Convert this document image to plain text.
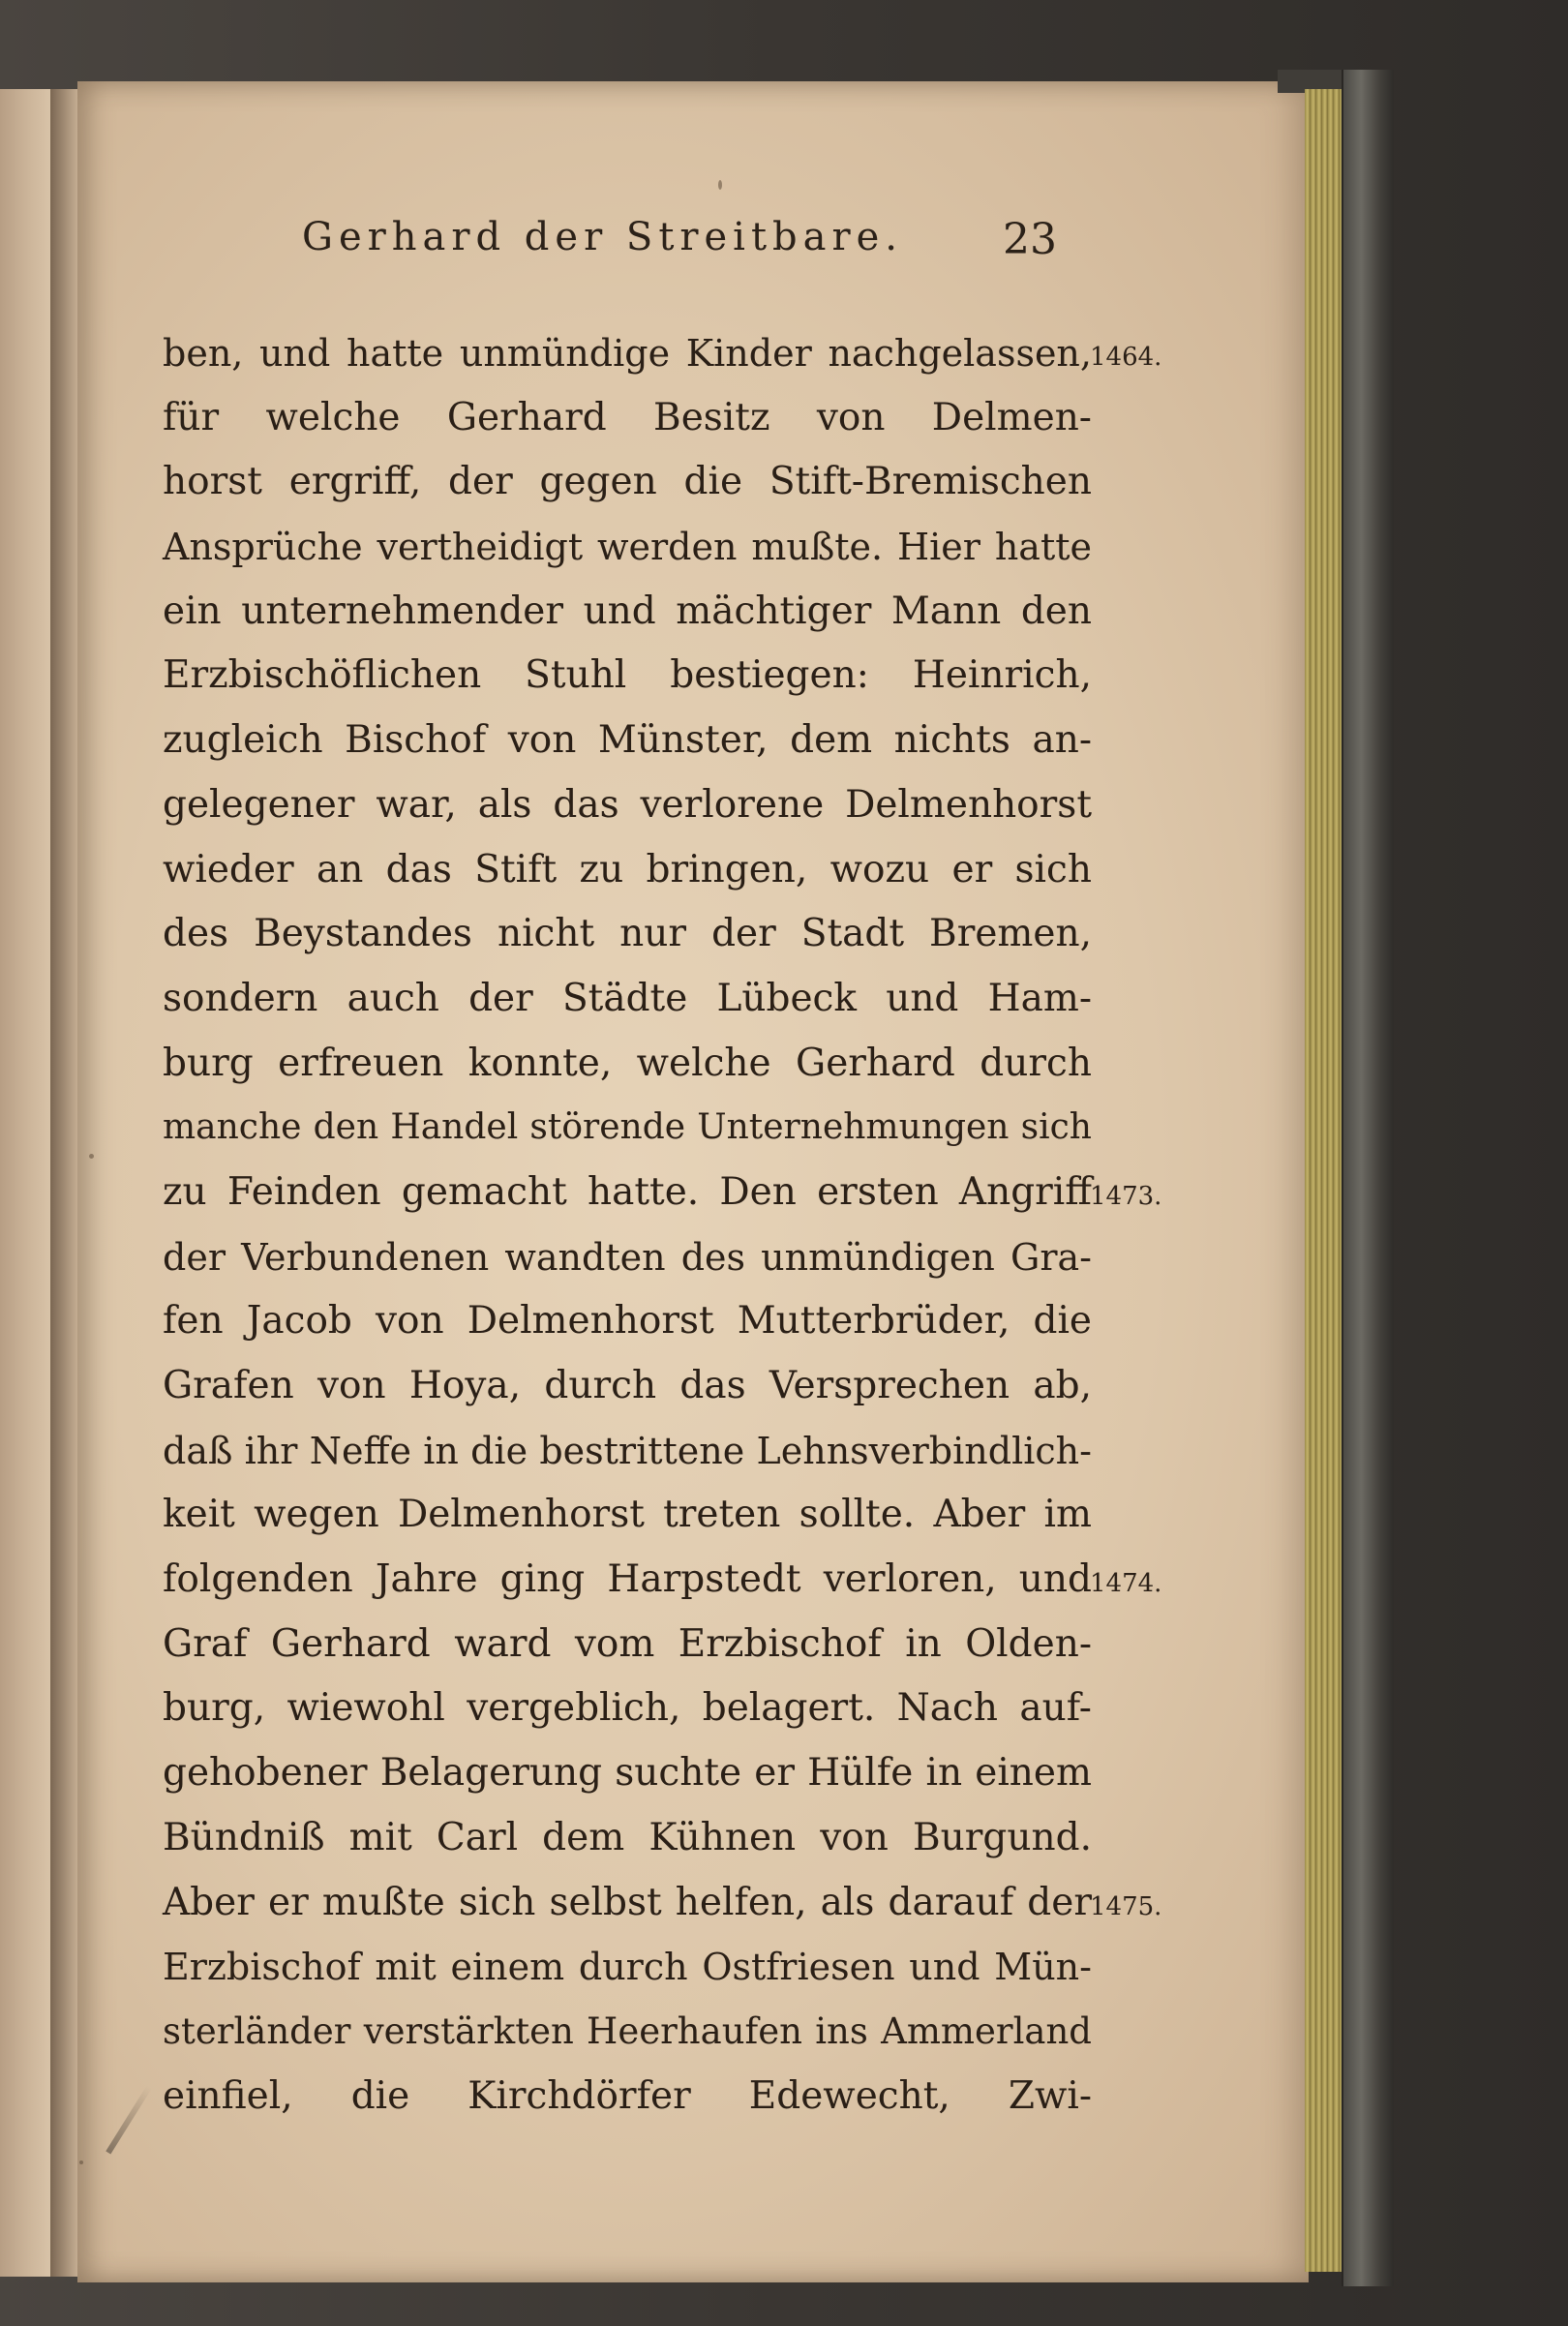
Gerhard der Streitbare.	23
ben, und hatte unmündige Kinder nachgelassen,
für welche Gerhard Besitz von Delmen-
horst ergriff, der gegen die Stift-Bremischen
Ansprüche vertheidigt werden mußte. Hier hatte
ein unternehmender und mächtiger Mann den
Erzbischöflichen Stuhl bestiegen: Heinrich,
zugleich Bischof von Münster, dem nichts an-
gelegener war, als das verlorene Delmenhorst
wieder an das Stift zu bringen, wozu er sich
des Beystandes nicht nur der Stadt Bremen,
sondern auch der Städte Lübeck und Ham-
burg erfreuen konnte, welche Gerhard durch
manche den Handel störende Unternehmungen sich
zu Feinden gemacht hatte. Den ersten Angriff
der Verbundenen wandten des unmündigen Gra-
fen Jacob von Delmenhorst Mutterbrüder, die
Grafen von Hoya, durch das Versprechen ab,
daß ihr Neffe in die bestrittene Lehnsverbindlich-
keit wegen Delmenhorst treten sollte. Aber im
folgenden Jahre ging Harpstedt verloren, und
Graf Gerhard ward vom Erzbischof in Olden-
burg, wiewohl vergeblich, belagert. Nach auf-
gehobener Belagerung suchte er Hülfe in einem
Bündniß mit Carl dem Kühnen von Burgund.
Aber er mußte sich selbst helfen, als darauf der
Erzbischof mit einem durch Ostfriesen und Mün-
sterländer verstärkten Heerhaufen ins Ammerland
einfiel, die Kirchdörfer Edewecht, Zwi-
1464.
1473.
1474.
1475.
